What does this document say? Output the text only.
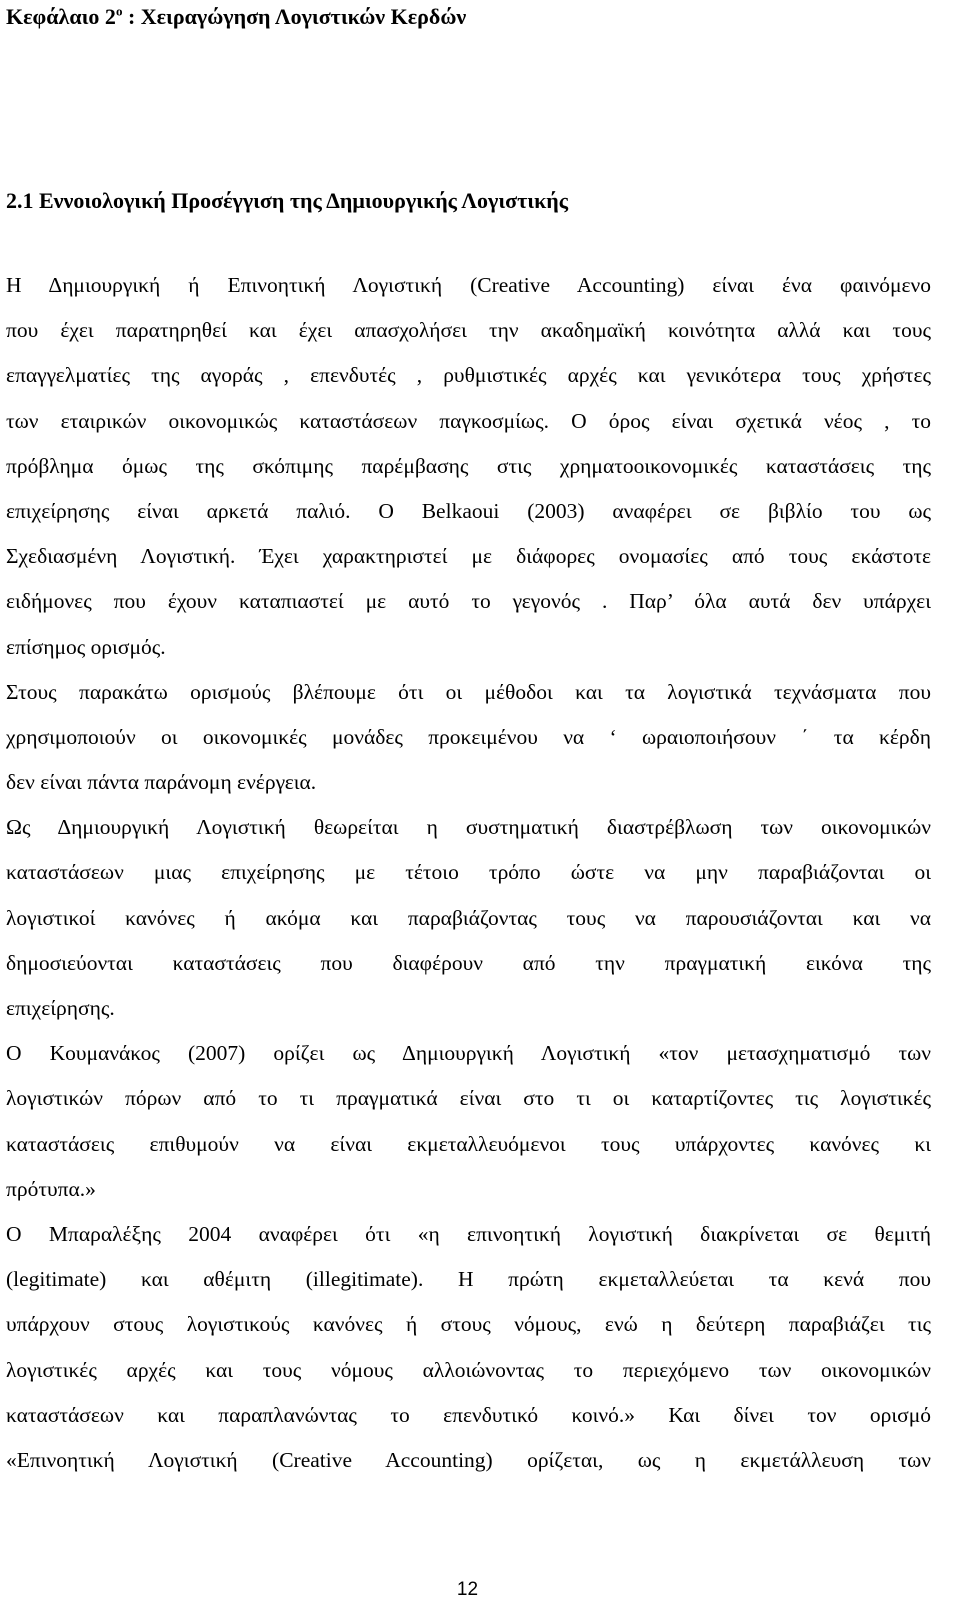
Κεφάλαιο $2^o$ : Χειραγώγηση Λογιστικών Κερδών
2.1 Εννοιολογική Προσέγγιση της Δημιουργικής Λογιστικής
Η Δημιουργική ή Επινοητική Λογιστική (Creative Accounting) είναι ένα φαινόμενο
που έχει παρατηρηθεί και έχει απασχολήσει την ακαδημαϊκή κοινότητα αλλά και τους
επαγγελματίες της αγοράς , επενδυτές , ρυθμιστικές αρχές και γενικότερα τους χρήστες
των εταιρικών οικονομικώς καταστάσεων παγκοσμίως. Ο όρος είναι σχετικά νέος , το
πρόβλημα όμως της σκόπιμης παρέμβασης στις χρηματοοικονομικές καταστάσεις της
επιχείρησης είναι αρκετά παλιό. Ο Belkaoui (2003) αναφέρει σε βιβλίο του ως
Σχεδιασμένη Λογιστική. Έχει χαρακτηριστεί με διάφορες ονομασίες από τους εκάστοτε
ειδήμονες που έχουν καταπιαστεί με αυτό το γεγονός . Παρ’ όλα αυτά δεν υπάρχει
επίσημος ορισμός.
Στους παρακάτω ορισμούς βλέπουμε ότι οι μέθοδοι και τα λογιστικά τεχνάσματα που
χρησιμοποιούν οι οικονομικές μονάδες προκειμένου να ‘ ωραιοποιήσουν ΄ τα κέρδη
δεν είναι πάντα παράνομη ενέργεια.
Ως Δημιουργική Λογιστική θεωρείται η συστηματική διαστρέβλωση των οικονομικών
καταστάσεων μιας επιχείρησης με τέτοιο τρόπο ώστε να μην παραβιάζονται οι
λογιστικοί κανόνες ή ακόμα και παραβιάζοντας τους να παρουσιάζονται και να
δημοσιεύονται καταστάσεις που διαφέρουν από την πραγματική εικόνα της
επιχείρησης.
Ο Κουμανάκος (2007) ορίζει ως Δημιουργική Λογιστική «τον μετασχηματισμό των
λογιστικών πόρων από το τι πραγματικά είναι στο τι οι καταρτίζοντες τις λογιστικές
καταστάσεις επιθυμούν να είναι εκμεταλλευόμενοι τους υπάρχοντες κανόνες κι
πρότυπα.»
Ο Μπαραλέξης 2004 αναφέρει ότι «η επινοητική λογιστική διακρίνεται σε θεμιτή
(legitimate) και αθέμιτη (illegitimate). Η πρώτη εκμεταλλεύεται τα κενά που
υπάρχουν στους λογιστικούς κανόνες ή στους νόμους, ενώ η δεύτερη παραβιάζει τις
λογιστικές αρχές και τους νόμους αλλοιώνοντας το περιεχόμενο των οικονομικών
καταστάσεων και παραπλανώντας το επενδυτικό κοινό.» Και δίνει τον ορισμό
«Επινοητική Λογιστική (Creative Accounting) ορίζεται, ως η εκμετάλλευση των
12
